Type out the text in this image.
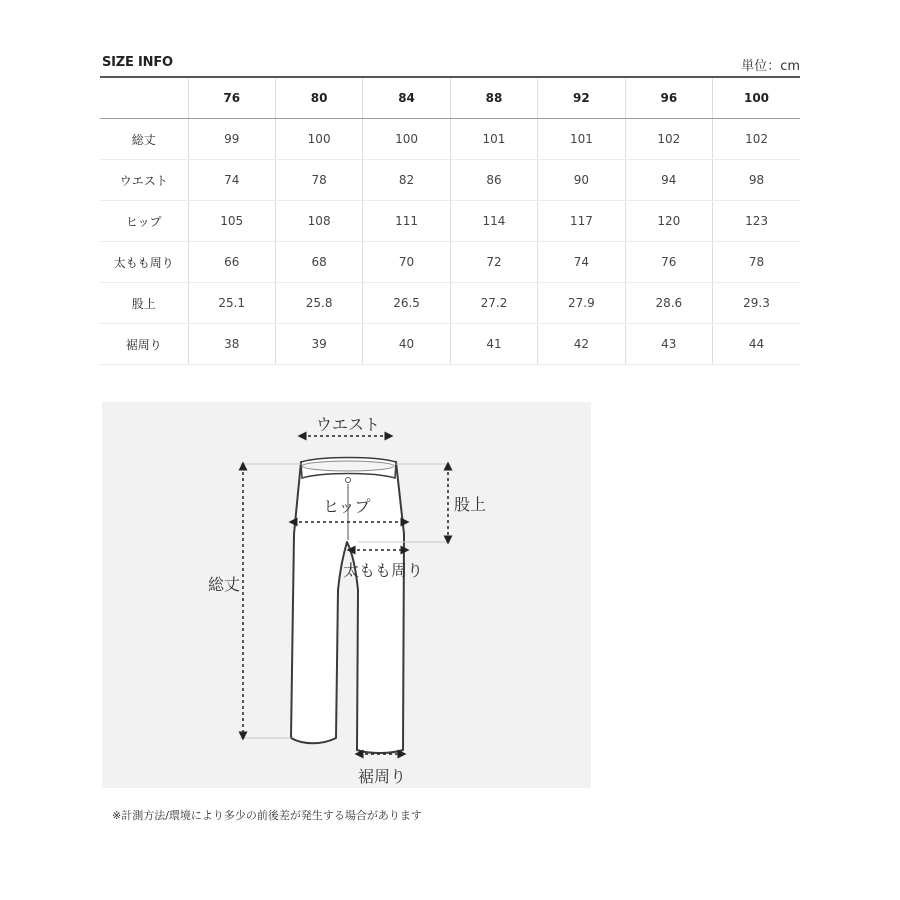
SIZE INFO	単位：cm
	76	80	84	88	92	96	100
総丈	99	100	100	101	101	102	102
ウエスト	74	78	82	86	90	94	98
ヒップ	105	108	111	114	117	120	123
太もも周り	66	68	70	72	74	76	78
股上	25.1	25.8	26.5	27.2	27.9	28.6	29.3
裾周り	38	39	40	41	42	43	44
ウエスト
ヒップ	股上
総丈
太もも周り
裾周り
※計測方法/環境により多少の前後差が発生する場合があります
